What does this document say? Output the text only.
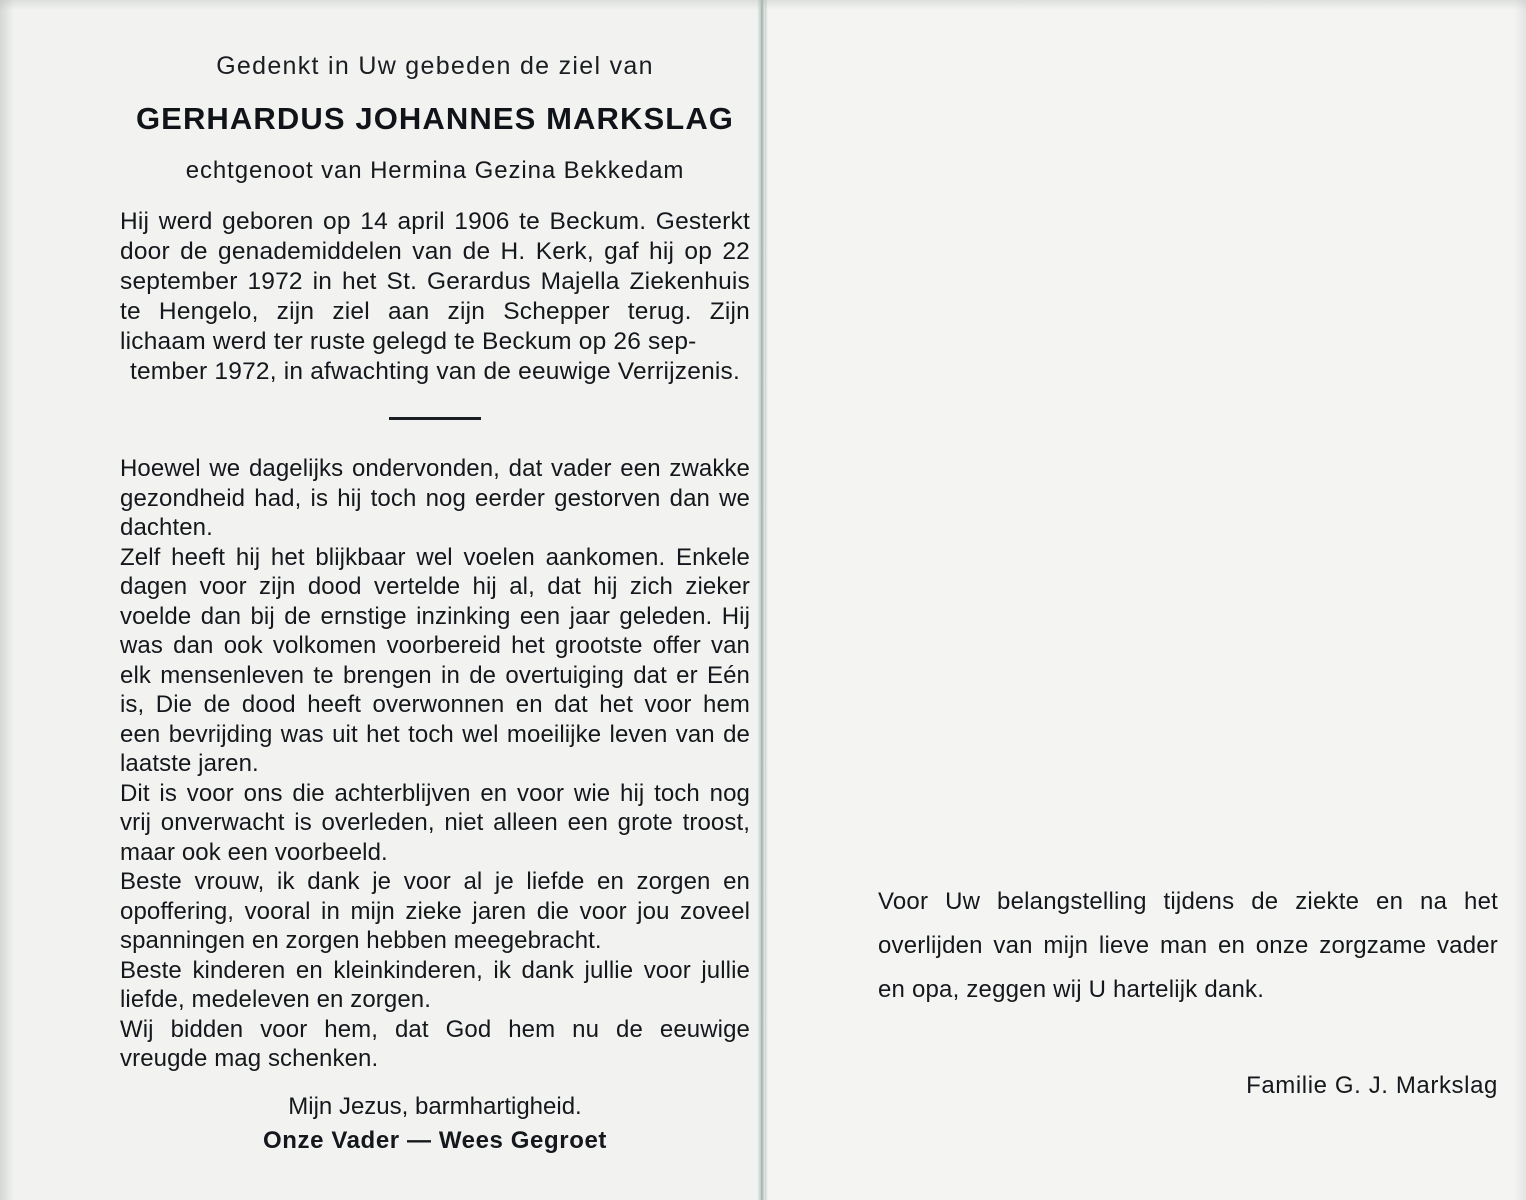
Gedenkt in Uw gebeden de ziel van

GERHARDUS JOHANNES MARKSLAG

echtgenoot van Hermina Gezina Bekkedam

Hij werd geboren op 14 april 1906 te Beckum. Gesterkt door de genademiddelen van de H. Kerk, gaf hij op 22 september 1972 in het St. Gerardus Majella Ziekenhuis te Hengelo, zijn ziel aan zijn Schepper terug. Zijn lichaam werd ter ruste gelegd te Beckum op 26 sep-
tember 1972, in afwachting van de eeuwige Verrijzenis.

Hoewel we dagelijks ondervonden, dat vader een zwakke gezondheid had, is hij toch nog eerder gestorven dan we dachten.

Zelf heeft hij het blijkbaar wel voelen aankomen. Enkele dagen voor zijn dood vertelde hij al, dat hij zich zieker voelde dan bij de ernstige inzinking een jaar geleden. Hij was dan ook volkomen voorbereid het grootste offer van elk mensenleven te brengen in de overtuiging dat er Eén is, Die de dood heeft overwonnen en dat het voor hem een bevrijding was uit het toch wel moeilijke leven van de laatste jaren.

Dit is voor ons die achterblijven en voor wie hij toch nog vrij onverwacht is overleden, niet alleen een grote troost, maar ook een voorbeeld.

Beste vrouw, ik dank je voor al je liefde en zorgen en opoffering, vooral in mijn zieke jaren die voor jou zoveel spanningen en zorgen hebben meegebracht.

Beste kinderen en kleinkinderen, ik dank jullie voor jullie liefde, medeleven en zorgen.

Wij bidden voor hem, dat God hem nu de eeuwige vreugde mag schenken.

Mijn Jezus, barmhartigheid.
Onze Vader — Wees Gegroet

Voor Uw belangstelling tijdens de ziekte en na het overlijden van mijn lieve man en onze zorgzame vader en opa, zeggen wij U hartelijk dank.

Familie G. J. Markslag
